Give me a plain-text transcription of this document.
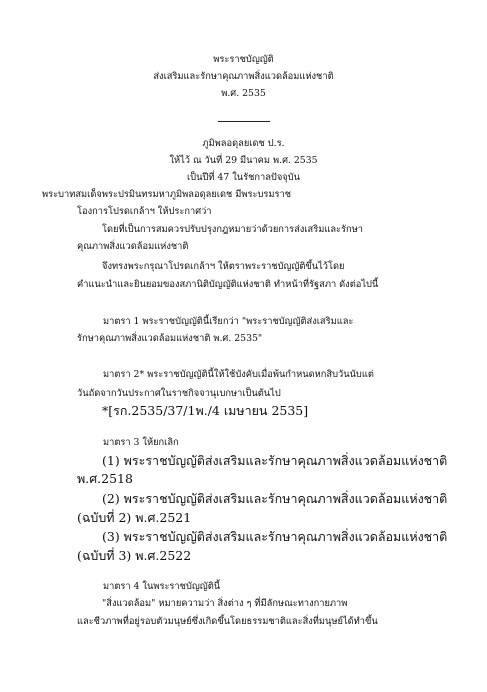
พระราชบัญญัติ
ส่งเสริมและรักษาคุณภาพสิ่งแวดล้อมแห่งชาติ
พ.ศ. 2535
ภูมิพลอดุลยเดช ป.ร.
ให้ไว้ ณ วันที่ 29 มีนาคม พ.ศ. 2535
เป็นปีที่ 47 ในรัชกาลปัจจุบัน
พระบาทสมเด็จพระปรมินทรมหาภูมิพลอดุลยเดช มีพระบรมราช
โองการโปรดเกล้าฯ ให้ประกาศว่า
โดยที่เป็นการสมควรปรับปรุงกฎหมายว่าด้วยการส่งเสริมและรักษา
คุณภาพสิ่งแวดล้อมแห่งชาติ
จึงทรงพระกรุณาโปรดเกล้าฯ ให้ตราพระราชบัญญัติขึ้นไว้โดย
คำแนะนำและยินยอมของสภานิติบัญญัติแห่งชาติ ทำหน้าที่รัฐสภา ดังต่อไปนี้
มาตรา 1 พระราชบัญญัตินี้เรียกว่า "พระราชบัญญัติส่งเสริมและ
รักษาคุณภาพสิ่งแวดล้อมแห่งชาติ พ.ศ. 2535"
มาตรา 2* พระราชบัญญัตินี้ให้ใช้บังคับเมื่อพ้นกำหนดหกสิบวันนับแต่
วันถัดจากวันประกาศในราชกิจจานุเบกษาเป็นต้นไป
*[รก.2535/37/1พ./4 เมษายน 2535]
มาตรา 3 ให้ยกเลิก
(1) พระราชบัญญัติส่งเสริมและรักษาคุณภาพสิ่งแวดล้อมแห่งชาติ
พ.ศ.2518
(2) พระราชบัญญัติส่งเสริมและรักษาคุณภาพสิ่งแวดล้อมแห่งชาติ
(ฉบับที่ 2) พ.ศ.2521
(3) พระราชบัญญัติส่งเสริมและรักษาคุณภาพสิ่งแวดล้อมแห่งชาติ
(ฉบับที่ 3) พ.ศ.2522
มาตรา 4 ในพระราชบัญญัตินี้
"สิ่งแวดล้อม" หมายความว่า สิ่งต่าง ๆ ที่มีลักษณะทางกายภาพ
และชีวภาพที่อยู่รอบตัวมนุษย์ซึ่งเกิดขึ้นโดยธรรมชาติและสิ่งที่มนุษย์ได้ทำขึ้น
